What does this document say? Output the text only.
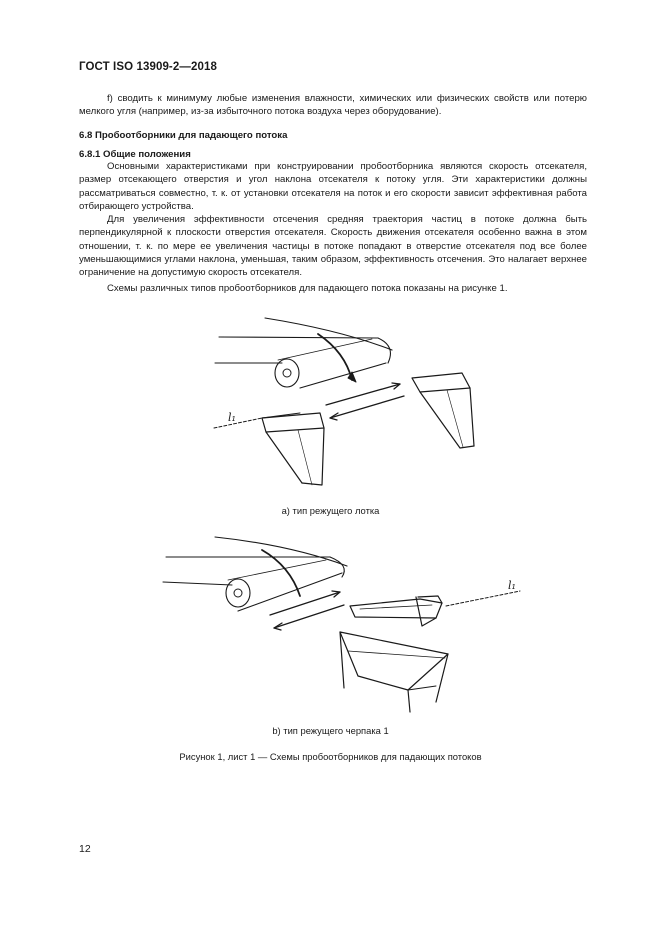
ГОСТ ISO 13909-2—2018

f) сводить к минимуму любые изменения влажности, химических или физических свойств или потерю мелкого угля (например, из-за избыточного потока воздуха через оборудование).

6.8 Пробоотборники для падающего потока

6.8.1 Общие положения

Основными характеристиками при конструировании пробоотборника являются скорость отсекателя, размер отсекающего отверстия и угол наклона отсекателя к потоку угля. Эти характеристики должны рассматриваться совместно, т. к. от установки отсекателя на поток и его скорости зависит эффективная работа отбирающего устройства.

Для увеличения эффективности отсечения средняя траектория частиц в потоке должна быть перпендикулярной к плоскости отверстия отсекателя. Скорость движения отсекателя особенно важна в этом отношении, т. к. по мере ее увеличения частицы в потоке попадают в отверстие отсекателя под все более уменьшающимися углами наклона, уменьшая, таким образом, эффективность отсечения. Это налагает верхнее ограничение на допустимую скорость отсекателя.

Схемы различных типов пробоотборников для падающего потока показаны на рисунке 1.

l₁
a) тип режущего лотка
l₁
b) тип режущего черпака 1
Рисунок 1, лист 1 — Схемы пробоотборников для падающих потоков
12
